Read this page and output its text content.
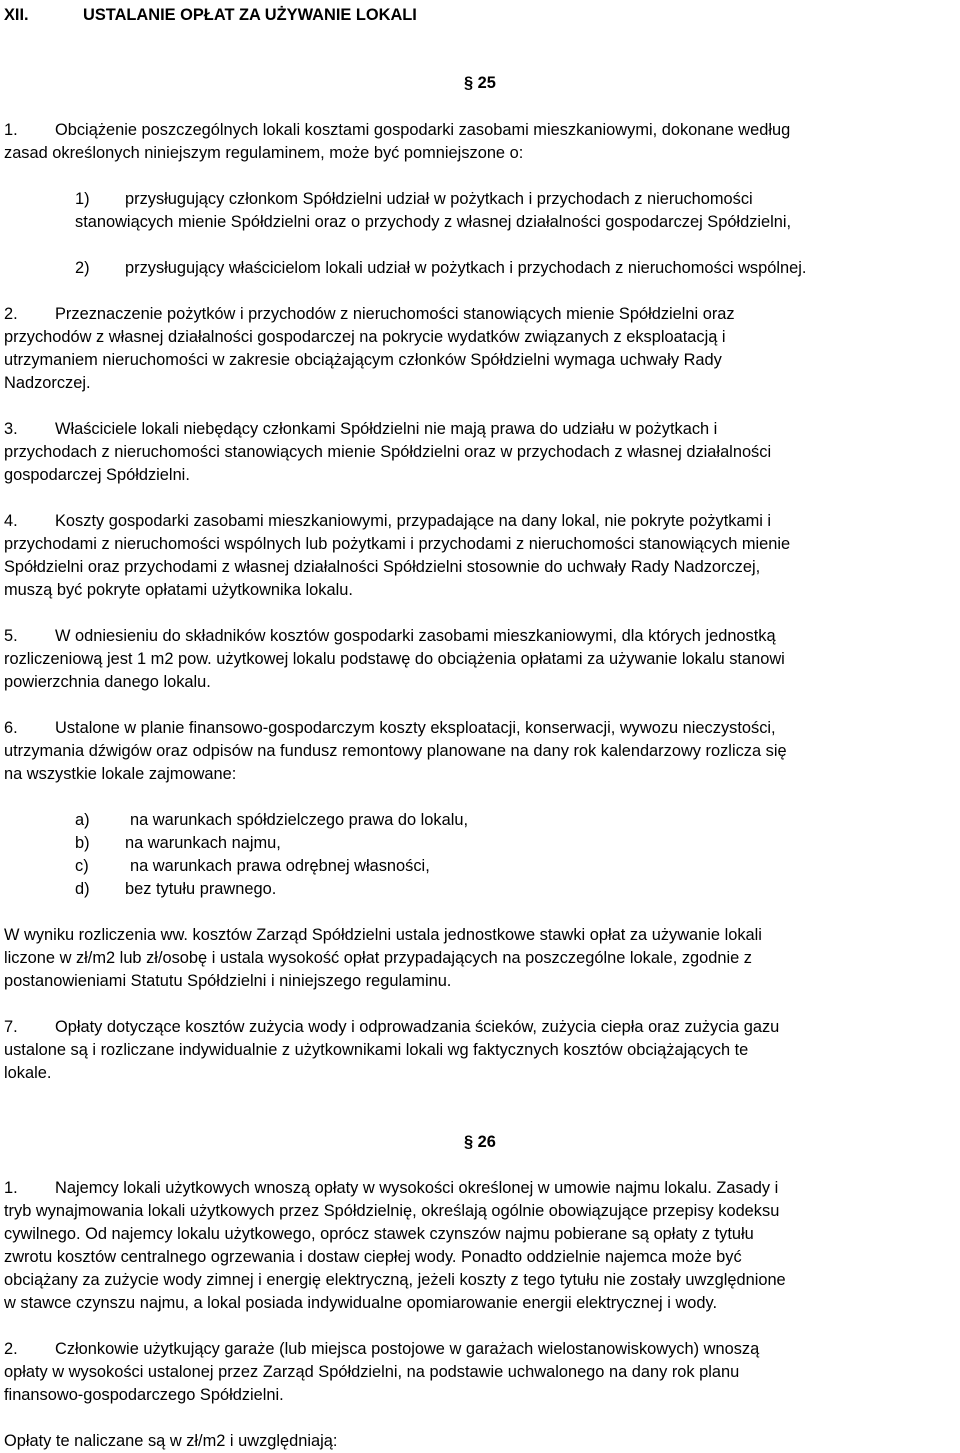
XII.	USTALANIE OPŁAT ZA UŻYWANIE LOKALI
§ 25
1.	Obciążenie poszczególnych lokali kosztami gospodarki zasobami mieszkaniowymi, dokonane według
zasad określonych niniejszym regulaminem, może być pomniejszone o:
1)	przysługujący członkom Spółdzielni udział w pożytkach i przychodach z nieruchomości
stanowiących mienie Spółdzielni oraz o przychody z własnej działalności gospodarczej Spółdzielni,
2)	przysługujący właścicielom lokali udział w pożytkach i przychodach z nieruchomości wspólnej.
2.	Przeznaczenie pożytków i przychodów z nieruchomości stanowiących mienie Spółdzielni oraz
przychodów z własnej działalności gospodarczej na pokrycie wydatków związanych z eksploatacją i
utrzymaniem nieruchomości w zakresie obciążającym członków Spółdzielni wymaga uchwały Rady
Nadzorczej.
3.	Właściciele lokali niebędący członkami Spółdzielni nie mają prawa do udziału w pożytkach i
przychodach z nieruchomości stanowiących mienie Spółdzielni oraz w przychodach z własnej działalności
gospodarczej Spółdzielni.
4.	Koszty gospodarki zasobami mieszkaniowymi, przypadające na dany lokal, nie pokryte pożytkami i
przychodami z nieruchomości wspólnych lub pożytkami i przychodami z nieruchomości stanowiących mienie
Spółdzielni oraz przychodami z własnej działalności Spółdzielni stosownie do uchwały Rady Nadzorczej,
muszą być pokryte opłatami użytkownika lokalu.
5.	W odniesieniu do składników kosztów gospodarki zasobami mieszkaniowymi, dla których jednostką
rozliczeniową jest 1 m2 pow. użytkowej lokalu podstawę do obciążenia opłatami za używanie lokalu stanowi
powierzchnia danego lokalu.
6.	Ustalone w planie finansowo-gospodarczym koszty eksploatacji, konserwacji, wywozu nieczystości,
utrzymania dźwigów oraz odpisów na fundusz remontowy planowane na dany rok kalendarzowy rozlicza się
na wszystkie lokale zajmowane:
a) na warunkach spółdzielczego prawa do lokalu,
b) na warunkach najmu,
c)	na warunkach prawa odrębnej własności,
d) bez tytułu prawnego.
W wyniku rozliczenia ww. kosztów Zarząd Spółdzielni ustala jednostkowe stawki opłat za używanie lokali
liczone w zł/m2 lub zł/osobę i ustala wysokość opłat przypadających na poszczególne lokale, zgodnie z
postanowieniami Statutu Spółdzielni i niniejszego regulaminu.
7.	Opłaty dotyczące kosztów zużycia wody i odprowadzania ścieków, zużycia ciepła oraz zużycia gazu
ustalone są i rozliczane indywidualnie z użytkownikami lokali wg faktycznych kosztów obciążających te
lokale.
§ 26
1.	Najemcy lokali użytkowych wnoszą opłaty w wysokości określonej w umowie najmu lokalu. Zasady i
tryb wynajmowania lokali użytkowych przez Spółdzielnię, określają ogólnie obowiązujące przepisy kodeksu
cywilnego. Od najemcy lokalu użytkowego, oprócz stawek czynszów najmu pobierane są opłaty z tytułu
zwrotu kosztów centralnego ogrzewania i dostaw ciepłej wody. Ponadto oddzielnie najemca może być
obciążany za zużycie wody zimnej i energię elektryczną, jeżeli koszty z tego tytułu nie zostały uwzględnione
w stawce czynszu najmu, a lokal posiada indywidualne opomiarowanie energii elektrycznej i wody.
2.	Członkowie użytkujący garaże (lub miejsca postojowe w garażach wielostanowiskowych) wnoszą
opłaty w wysokości ustalonej przez Zarząd Spółdzielni, na podstawie uchwalonego na dany rok planu
finansowo-gospodarczego Spółdzielni.
Opłaty te naliczane są w zł/m2 i uwzględniają:
